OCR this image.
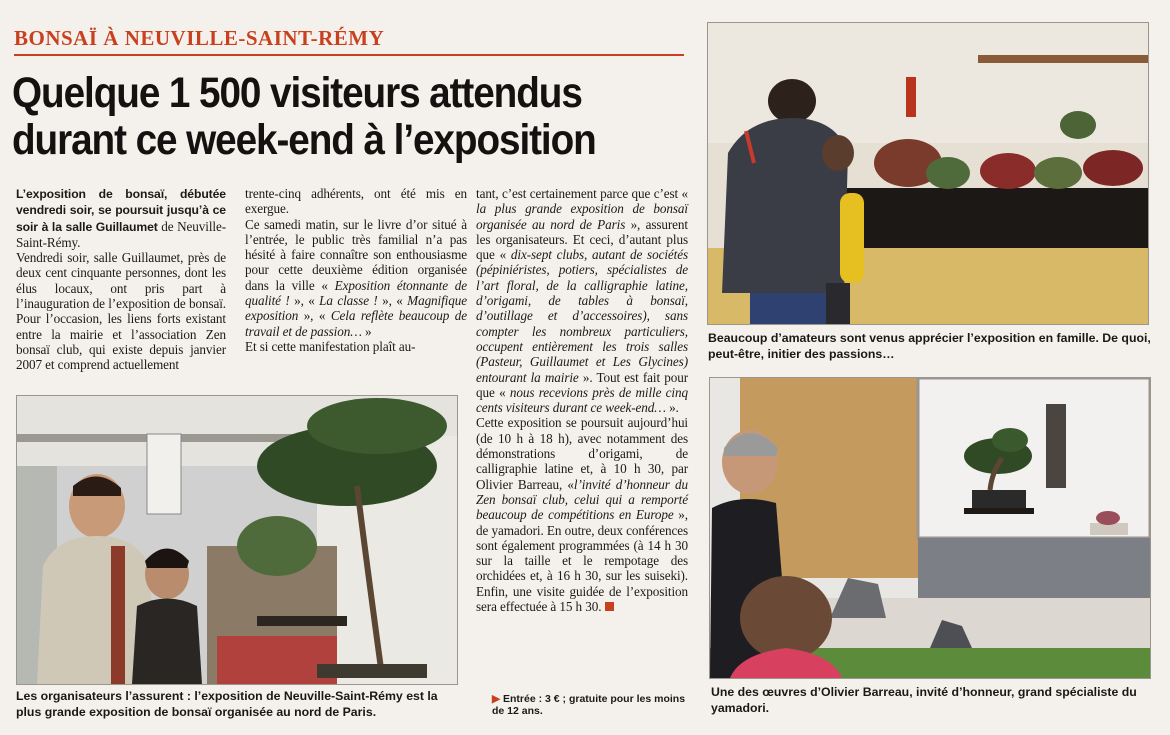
BONSAÏ À NEUVILLE-SAINT-RÉMY
Quelque 1 500 visiteurs attendus
durant ce week-end à l’exposition

L’exposition de bonsaï, débutée vendredi soir, se poursuit jusqu’à ce soir à la salle Guillaumet de Neuville-Saint-Rémy.

Vendredi soir, salle Guillaumet, près de deux cent cinquante personnes, dont les élus locaux, ont pris part à l’inauguration de l’exposition de bonsaï. Pour l’occasion, les liens forts existant entre la mairie et l’association Zen bonsaï club, qui existe depuis janvier 2007 et comprend actuellement

trente-cinq adhérents, ont été mis en exergue.

Ce samedi matin, sur le livre d’or situé à l’entrée, le public très familial n’a pas hésité à faire connaître son enthousiasme pour cette deuxième édition organisée dans la ville « Exposition étonnante de qualité ! », « La classe ! », « Magnifique exposition », « Cela reflète beaucoup de travail et de passion… »

Et si cette manifestation plaît au-

tant, c’est certainement parce que c’est « la plus grande exposition de bonsaï organisée au nord de Paris », assurent les organisateurs. Et ceci, d’autant plus que « dix-sept clubs, autant de sociétés (pépiniéristes, potiers, spécialistes de l’art floral, de la calligraphie latine, d’origami, de tables à bonsaï, d’outillage et d’accessoires), sans compter les nombreux particuliers, occupent entièrement les trois salles (Pasteur, Guillaumet et Les Glycines) entourant la mairie ». Tout est fait pour que « nous recevions près de mille cinq cents visiteurs durant ce week-end… ».

Cette exposition se poursuit aujourd’hui (de 10 h à 18 h), avec notamment des démonstrations d’origami, de calligraphie latine et, à 10 h 30, par Olivier Barreau, «l’invité d’honneur du Zen bonsaï club, celui qui a remporté beaucoup de compétitions en Europe », de yamadori. En outre, deux conférences sont également programmées (à 14 h 30 sur la taille et le rempotage des orchidées et, à 16 h 30, sur les suiseki). Enfin, une visite guidée de l’exposition sera effectuée à 15 h 30.

▶ Entrée : 3 € ; gratuite pour les moins de 12 ans.
Les organisateurs l’assurent : l’exposition de Neuville-Saint-Rémy est la plus grande exposition de bonsaï organisée au nord de Paris.
Beaucoup d’amateurs sont venus apprécier l’exposition en famille. De quoi, peut-être, initier des passions…
Une des œuvres d’Olivier Barreau, invité d’honneur, grand spécialiste du yamadori.
